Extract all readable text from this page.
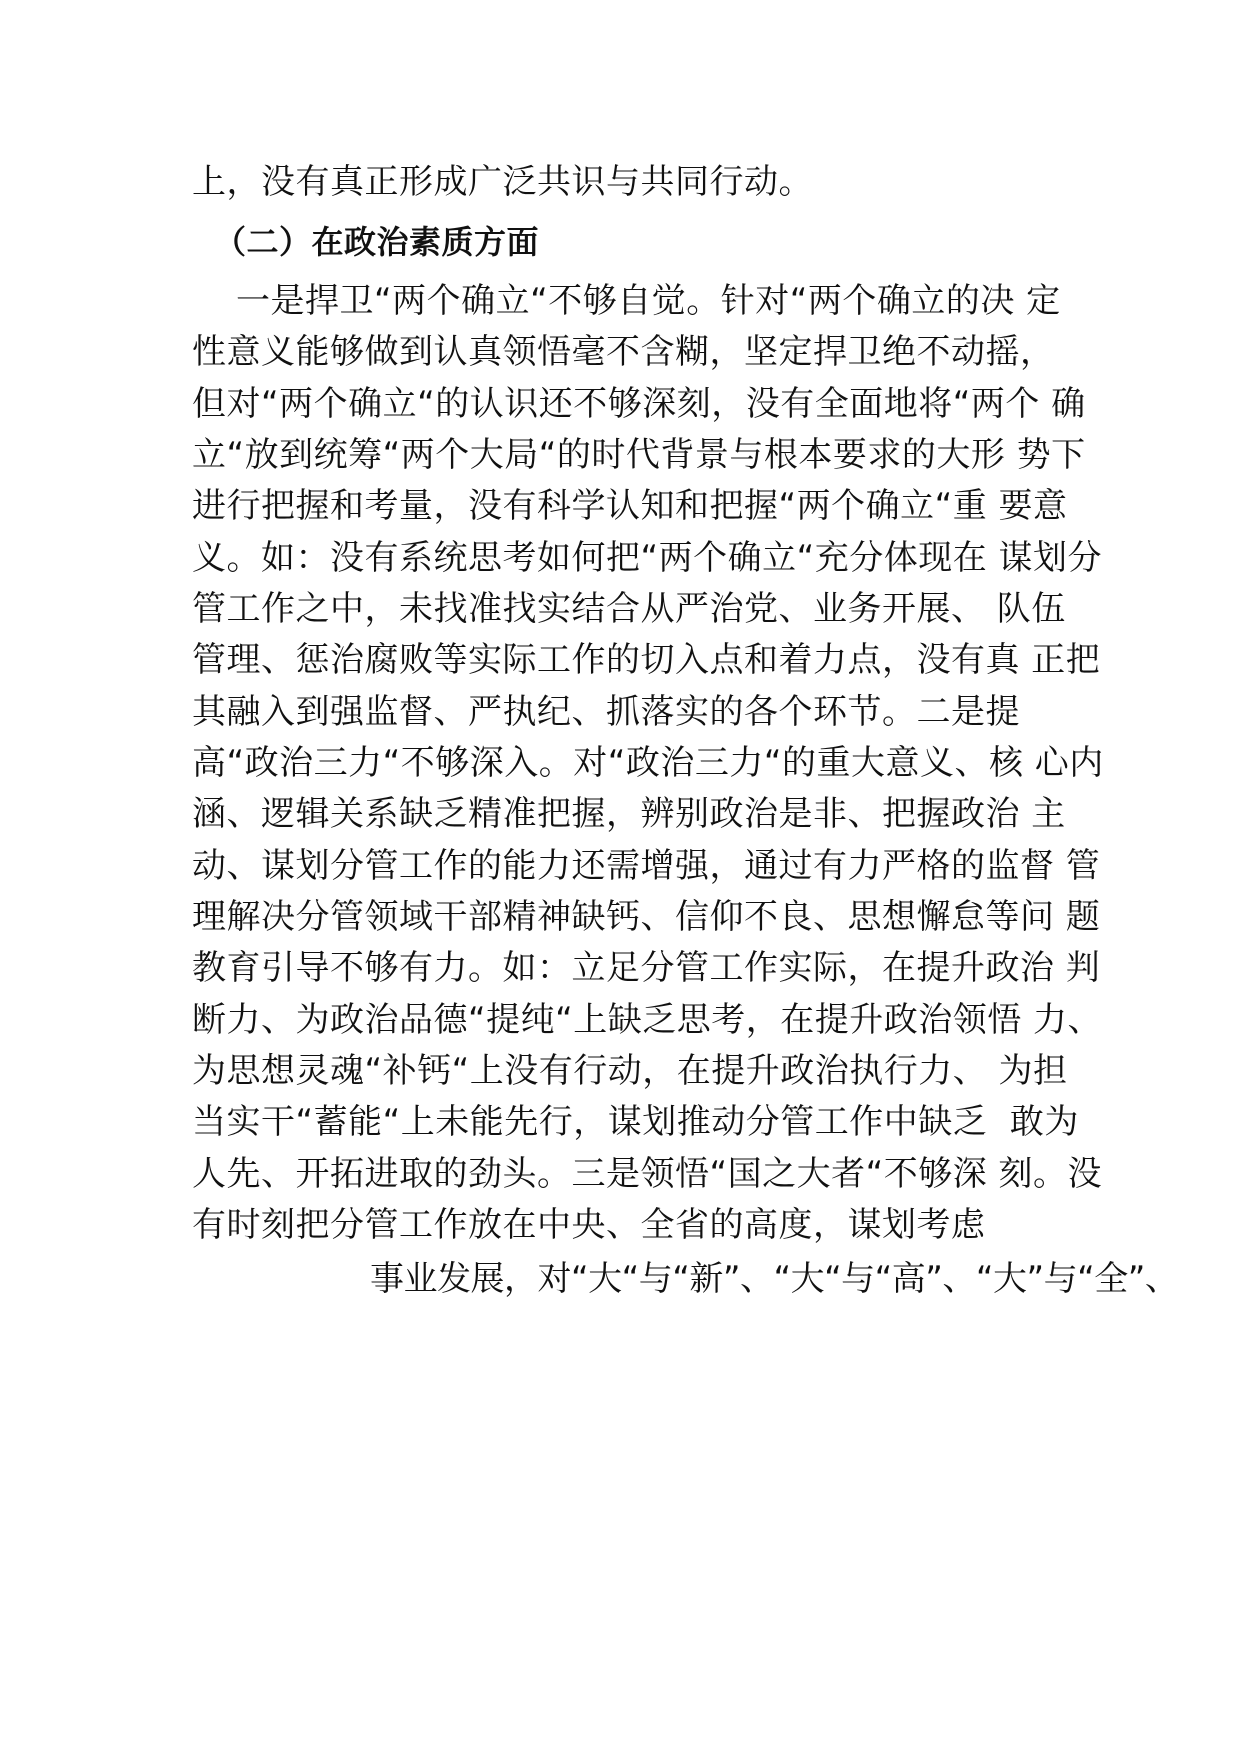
上，没有真正形成广泛共识与共同行动。
（二）在政治素质方面
一是捍卫“两个确立“不够自觉。针对“两个确立的决 定
性意义能够做到认真领悟毫不含糊，坚定捍卫绝不动摇，
但对“两个确立“的认识还不够深刻，没有全面地将“两个 确
立“放到统筹“两个大局“的时代背景与根本要求的大形 势下
进行把握和考量，没有科学认知和把握“两个确立“重 要意
义。如：没有系统思考如何把“两个确立“充分体现在 谋划分
管工作之中，未找准找实结合从严治党、业务开展、 队伍
管理、惩治腐败等实际工作的切入点和着力点，没有真 正把
其融入到强监督、严执纪、抓落实的各个环节。二是提
高“政治三力“不够深入。对“政治三力“的重大意义、核 心内
涵、逻辑关系缺乏精准把握，辨别政治是非、把握政治 主
动、谋划分管工作的能力还需增强，通过有力严格的监督 管
理解决分管领域干部精神缺钙、信仰不良、思想懈怠等问 题
教育引导不够有力。如：立足分管工作实际，在提升政治 判
断力、为政治品德“提纯“上缺乏思考，在提升政治领悟 力、
为思想灵魂“补钙“上没有行动，在提升政治执行力、 为担
当实干“蓄能“上未能先行，谋划推动分管工作中缺乏  敢为
人先、开拓进取的劲头。三是领悟“国之大者“不够深 刻。没
有时刻把分管工作放在中央、全省的高度，谋划考虑
事业发展，对“大“与“新”、“大“与“高”、“大”与“全”、
